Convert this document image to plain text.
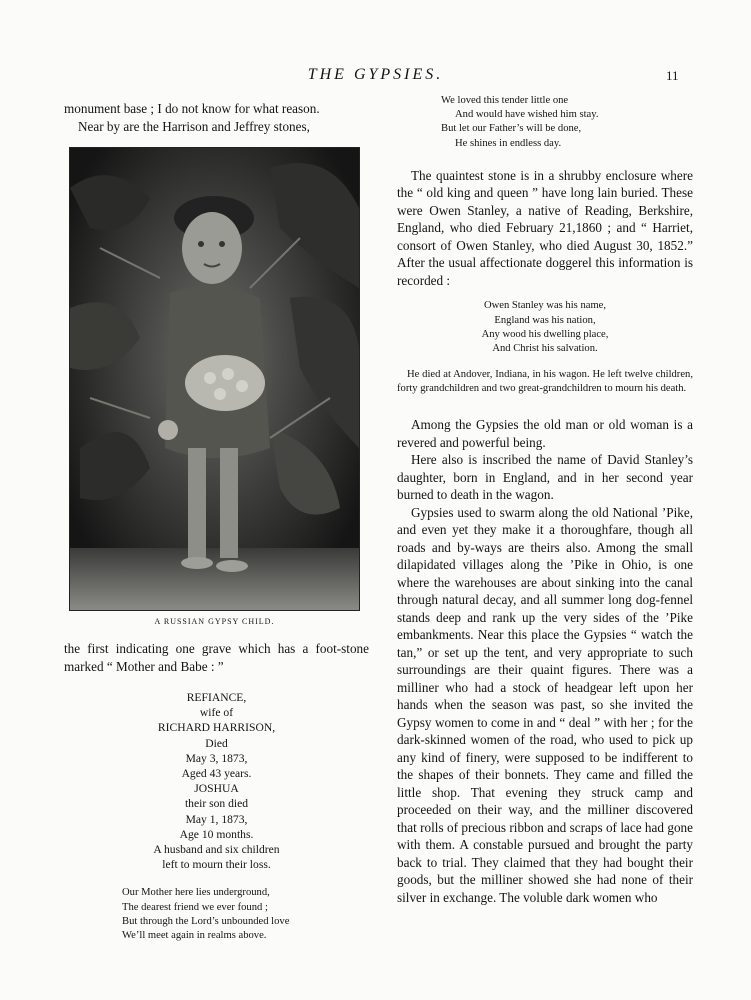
THE GYPSIES.	11

monument base ; I do not know for what reason.

Near by are the Harrison and Jeffrey stones,

A RUSSIAN GYPSY CHILD.

the first indicating one grave which has a foot-stone marked “ Mother and Babe : ”

REFIANCE,
wife of
RICHARD HARRISON,
Died
May 3, 1873,
Aged 43 years.
JOSHUA
their son died
May 1, 1873,
Age 10 months.
A husband and six children
left to mourn their loss.
Our Mother here lies underground,
The dearest friend we ever found ;
But through the Lord’s unbounded love
We’ll meet again in realms above.
We loved this tender little one
And would have wished him stay.
But let our Father’s will be done,
He shines in endless day.

The quaintest stone is in a shrubby enclosure where the “ old king and queen ” have long lain buried. These were Owen Stanley, a native of Reading, Berkshire, England, who died February 21,1860 ; and “ Harriet, consort of Owen Stanley, who died August 30, 1852.” After the usual affectionate doggerel this information is recorded :

Owen Stanley was his name,
England was his nation,
Any wood his dwelling place,
And Christ his salvation.

He died at Andover, Indiana, in his wagon. He left twelve children, forty grandchildren and two great-grandchildren to mourn his death.

Among the Gypsies the old man or old woman is a revered and powerful being.

Here also is inscribed the name of David Stanley’s daughter, born in England, and in her second year burned to death in the wagon.

Gypsies used to swarm along the old National ’Pike, and even yet they make it a thoroughfare, though all roads and by-ways are theirs also. Among the small dilapidated villages along the ’Pike in Ohio, is one where the warehouses are about sinking into the canal through natural decay, and all summer long dog-fennel stands deep and rank up the very sides of the ’Pike embankments. Near this place the Gypsies “ watch the tan,” or set up the tent, and very appropriate to such surroundings are their quaint figures. There was a milliner who had a stock of headgear left upon her hands when the season was past, so she invited the Gypsy women to come in and “ deal ” with her ; for the dark-skinned women of the road, who used to pick up any kind of finery, were supposed to be indifferent to the shapes of their bonnets. They came and filled the little shop. That evening they struck camp and proceeded on their way, and the milliner discovered that rolls of precious ribbon and scraps of lace had gone with them. A constable pursued and brought the party back to trial. They claimed that they had bought their goods, but the milliner showed she had none of their silver in exchange. The voluble dark women who
